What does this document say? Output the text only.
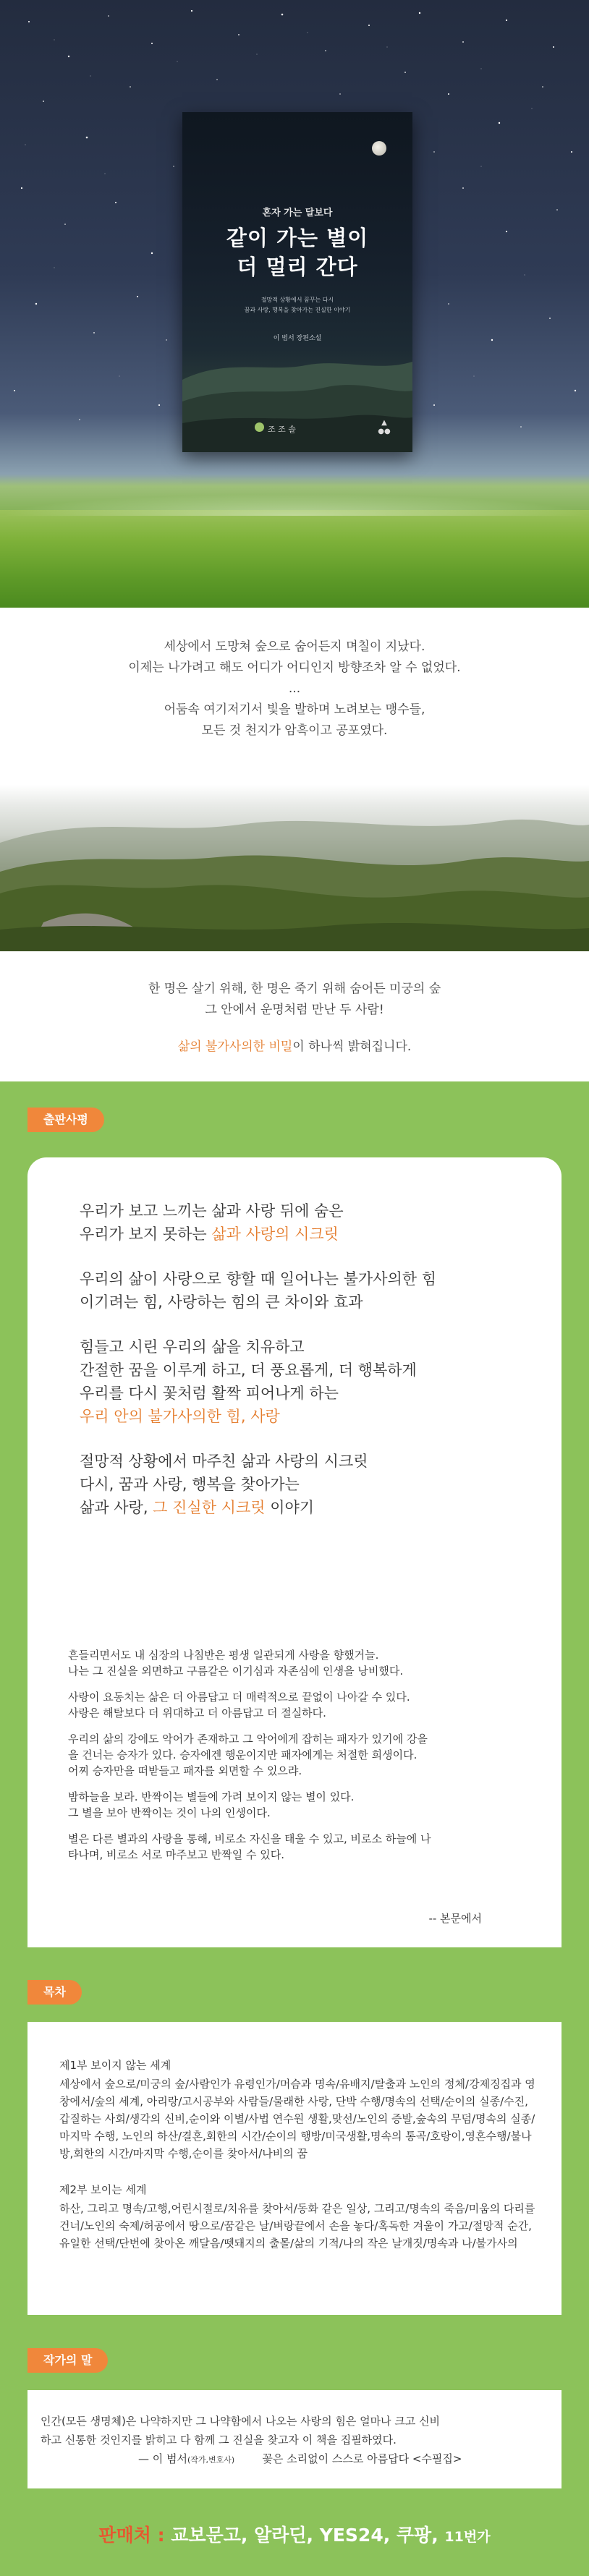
혼자 가는 달보다
같이 가는 별이
더 멀리 간다
절망적 상황에서 꿈꾸는 다시
꿈과 사랑, 행복을 찾아가는 진실한 이야기
이 범서 장편소설
조 조 솔
▲
●●

세상에서 도망쳐 숲으로 숨어든지 며칠이 지났다.

이제는 나가려고 해도 어디가 어디인지 방향조차 알 수 없었다.

...

어둠속 여기저기서 빛을 발하며 노려보는 맹수들,

모든 것 천지가 암흑이고 공포였다.

한 명은 살기 위해, 한 명은 죽기 위해 숨어든 미궁의 숲
그 안에서 운명처럼 만난 두 사람!
삶의 불가사의한 비밀이 하나씩 밝혀집니다.
출판사평
우리가 보고 느끼는 삶과 사랑 뒤에 숨은
우리가 보지 못하는 삶과 사랑의 시크릿
우리의 삶이 사랑으로 향할 때 일어나는 불가사의한 힘
이기려는 힘, 사랑하는 힘의 큰 차이와 효과
힘들고 시린 우리의 삶을 치유하고
간절한 꿈을 이루게 하고, 더 풍요롭게, 더 행복하게
우리를 다시 꽃처럼 활짝 피어나게 하는
우리 안의 불가사의한 힘, 사랑
절망적 상황에서 마주친 삶과 사랑의 시크릿
다시, 꿈과 사랑, 행복을 찾아가는
삶과 사랑, 그 진실한 시크릿 이야기
흔들리면서도 내 심장의 나침반은 평생 일관되게 사랑을 향했거늘.
나는 그 진실을 외면하고 구름같은 이기심과 자존심에 인생을 낭비했다.
사랑이 요동치는 삶은 더 아름답고 더 매력적으로 끝없이 나아갈 수 있다.
사랑은 해탈보다 더 위대하고 더 아름답고 더 절실하다.
우리의 삶의 강에도 악어가 존재하고 그 악어에게 잡히는 패자가 있기에 강을
을 건너는 승자가 있다. 승자에겐 행운이지만 패자에게는 처절한 희생이다.
어찌 승자만을 떠받들고 패자를 외면할 수 있으랴.
밤하늘을 보라. 반짝이는 별들에 가려 보이지 않는 별이 있다.
그 별을 보아 반짝이는 것이 나의 인생이다.
별은 다른 별과의 사랑을 통해, 비로소 자신을 태울 수 있고, 비로소 하늘에 나
타나며, 비로소 서로 마주보고 반짝일 수 있다.
-- 본문에서
목차
제1부 보이지 않는 세계
세상에서 숲으로/미궁의 숲/사람인가 유령인가/머슴과 명속/유배지/탈출과 노인의 정체/강제징집과 영창에서/숲의 세계, 아리랑/고시공부와 사람들/물래한 사랑, 단박 수행/명속의 선택/순이의 실종/수진, 갑질하는 사회/생각의 신비,순이와 이별/사법 연수원 생활,맞선/노인의 증발,숲속의 무덤/명속의 실종/마지막 수행, 노인의 하산/결혼,회한의 시간/순이의 행방/미국생활,명속의 통곡/호랑이,영혼수행/불나방,회한의 시간/마지막 수행,순이를 찾아서/나비의 꿈
제2부 보이는 세계
하산, 그리고 명속/고행,어린시절로/치유를 찾아서/동화 같은 일상, 그리고/명속의 죽음/미움의 다리를 건너/노인의 숙제/허공에서 땅으로/꿈같은 날/벼랑끝에서 손을 놓다/혹독한 겨울이 가고/절망적 순간,유일한 선택/단번에 찾아온 깨달음/뗏돼지의 출몰/삶의 기적/나의 작은 날개짓/명속과 나/불가사의
작가의 말
인간(모든 생명체)은 나약하지만 그 나약함에서 나오는 사랑의 힘은 얼마나 크고 신비
하고 신통한 것인지를 밝히고 다 함께 그 진실을 찾고자 이 책을 집필하였다.
— 이 범서(작가,변호사)	꽃은 소리없이 스스로 아름답다 <수필집>
판매처 : 교보문고, 알라딘, YES24, 쿠팡, 11번가
